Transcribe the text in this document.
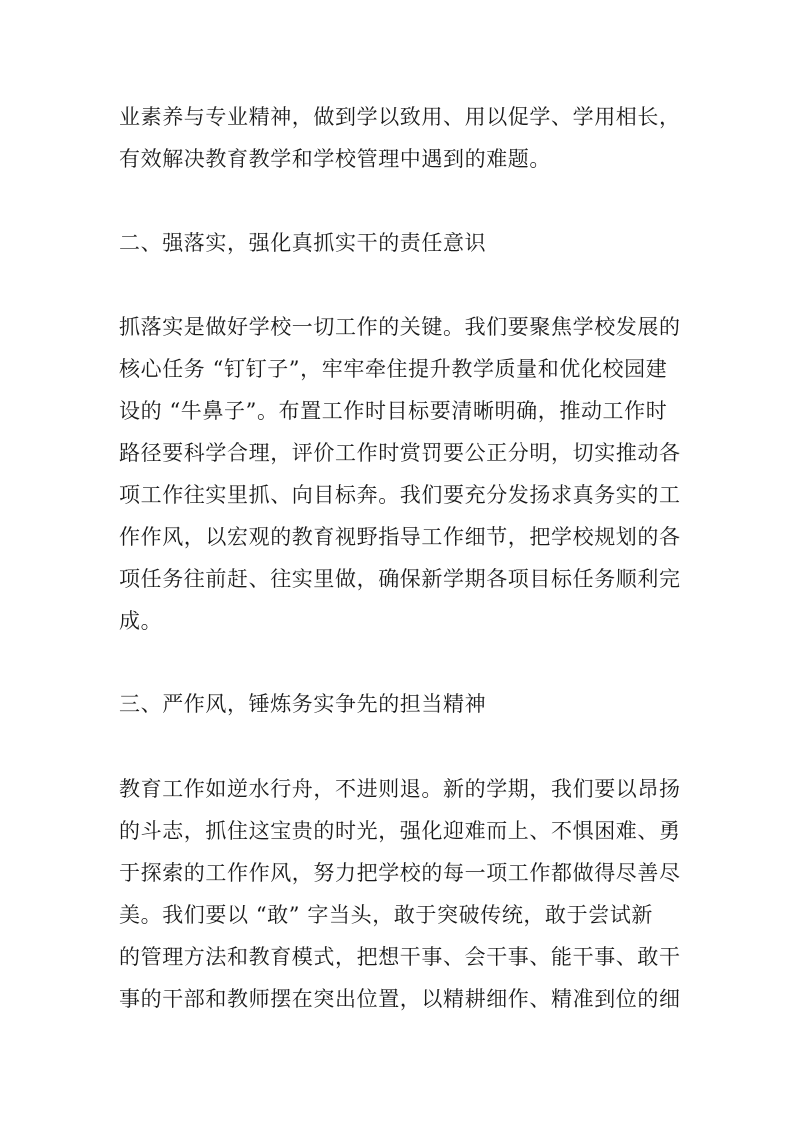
业素养与专业精神，做到学以致用、用以促学、学用相长，
有效解决教育教学和学校管理中遇到的难题。
二、强落实，强化真抓实干的责任意识
抓落实是做好学校一切工作的关键。我们要聚焦学校发展的
核心任务 “钉钉子”，牢牢牵住提升教学质量和优化校园建
设的 “牛鼻子”。布置工作时目标要清晰明确，推动工作时
路径要科学合理，评价工作时赏罚要公正分明，切实推动各
项工作往实里抓、向目标奔。我们要充分发扬求真务实的工
作作风，以宏观的教育视野指导工作细节，把学校规划的各
项任务往前赶、往实里做，确保新学期各项目标任务顺利完
成。
三、严作风，锤炼务实争先的担当精神
教育工作如逆水行舟，不进则退。新的学期，我们要以昂扬
的斗志，抓住这宝贵的时光，强化迎难而上、不惧困难、勇
于探索的工作作风，努力把学校的每一项工作都做得尽善尽
美。我们要以 “敢” 字当头，敢于突破传统，敢于尝试新
的管理方法和教育模式，把想干事、会干事、能干事、敢干
事的干部和教师摆在突出位置，以精耕细作、精准到位的细
